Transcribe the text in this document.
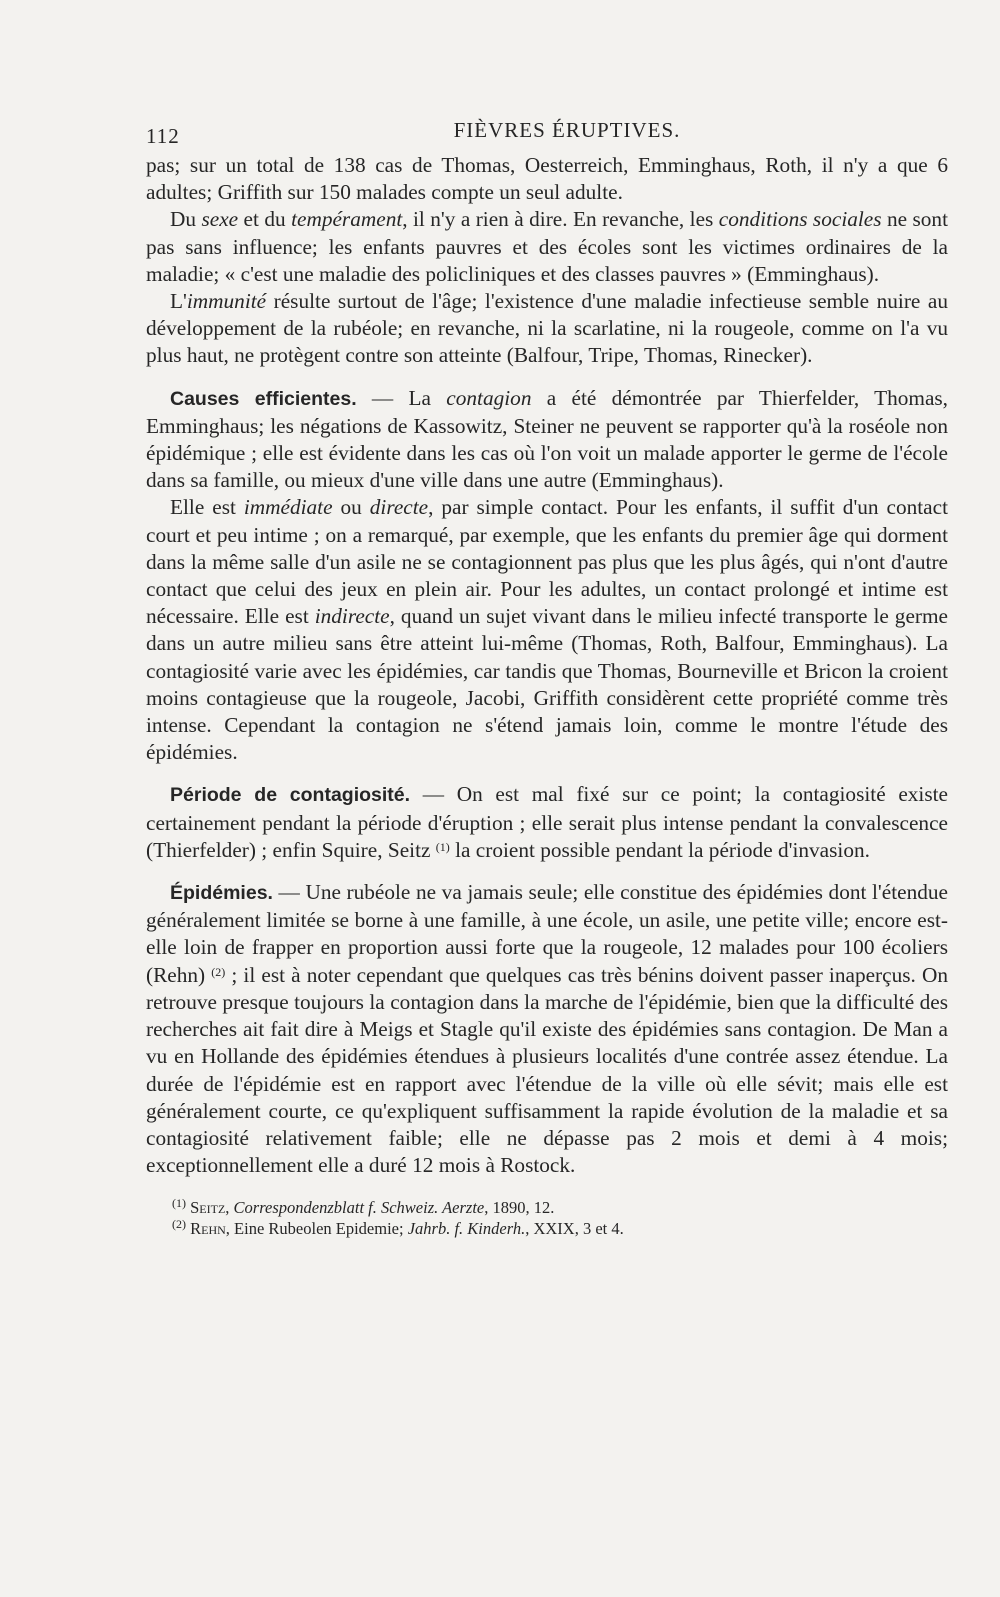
112	FIÈVRES ÉRUPTIVES.

pas; sur un total de 138 cas de Thomas, Oesterreich, Emminghaus, Roth, il n'y a que 6 adultes; Griffith sur 150 malades compte un seul adulte.

Du sexe et du tempérament, il n'y a rien à dire. En revanche, les conditions sociales ne sont pas sans influence; les enfants pauvres et des écoles sont les victimes ordinaires de la maladie; « c'est une maladie des policliniques et des classes pauvres » (Emminghaus).

L'immunité résulte surtout de l'âge; l'existence d'une maladie infectieuse semble nuire au développement de la rubéole; en revanche, ni la scarlatine, ni la rougeole, comme on l'a vu plus haut, ne protègent contre son atteinte (Balfour, Tripe, Thomas, Rinecker).

Causes efficientes. — La contagion a été démontrée par Thierfelder, Thomas, Emminghaus; les négations de Kassowitz, Steiner ne peuvent se rapporter qu'à la roséole non épidémique ; elle est évidente dans les cas où l'on voit un malade apporter le germe de l'école dans sa famille, ou mieux d'une ville dans une autre (Emminghaus).

Elle est immédiate ou directe, par simple contact. Pour les enfants, il suffit d'un contact court et peu intime ; on a remarqué, par exemple, que les enfants du premier âge qui dorment dans la même salle d'un asile ne se contagionnent pas plus que les plus âgés, qui n'ont d'autre contact que celui des jeux en plein air. Pour les adultes, un contact prolongé et intime est nécessaire. Elle est indirecte, quand un sujet vivant dans le milieu infecté transporte le germe dans un autre milieu sans être atteint lui-même (Thomas, Roth, Balfour, Emminghaus). La contagiosité varie avec les épidémies, car tandis que Thomas, Bourneville et Bricon la croient moins contagieuse que la rougeole, Jacobi, Griffith considèrent cette propriété comme très intense. Cependant la contagion ne s'étend jamais loin, comme le montre l'étude des épidémies.

Période de contagiosité. — On est mal fixé sur ce point; la contagiosité existe certainement pendant la période d'éruption ; elle serait plus intense pendant la convalescence (Thierfelder) ; enfin Squire, Seitz $^{(1)}$ la croient possible pendant la période d'invasion.

Épidémies. — Une rubéole ne va jamais seule; elle constitue des épidémies dont l'étendue généralement limitée se borne à une famille, à une école, un asile, une petite ville; encore est-elle loin de frapper en proportion aussi forte que la rougeole, 12 malades pour 100 écoliers (Rehn) $^{(2)}$ ; il est à noter cependant que quelques cas très bénins doivent passer inaperçus. On retrouve presque toujours la contagion dans la marche de l'épidémie, bien que la difficulté des recherches ait fait dire à Meigs et Stagle qu'il existe des épidémies sans contagion. De Man a vu en Hollande des épidémies étendues à plusieurs localités d'une contrée assez étendue. La durée de l'épidémie est en rapport avec l'étendue de la ville où elle sévit; mais elle est généralement courte, ce qu'expliquent suffisamment la rapide évolution de la maladie et sa contagiosité relativement faible; elle ne dépasse pas 2 mois et demi à 4 mois; exceptionnellement elle a duré 12 mois à Rostock.

$^{(1)}$ Seitz, Correspondenzblatt f. Schweiz. Aerzte, 1890, 12.
$^{(2)}$ Rehn, Eine Rubeolen Epidemie; Jahrb. f. Kinderh., XXIX, 3 et 4.
